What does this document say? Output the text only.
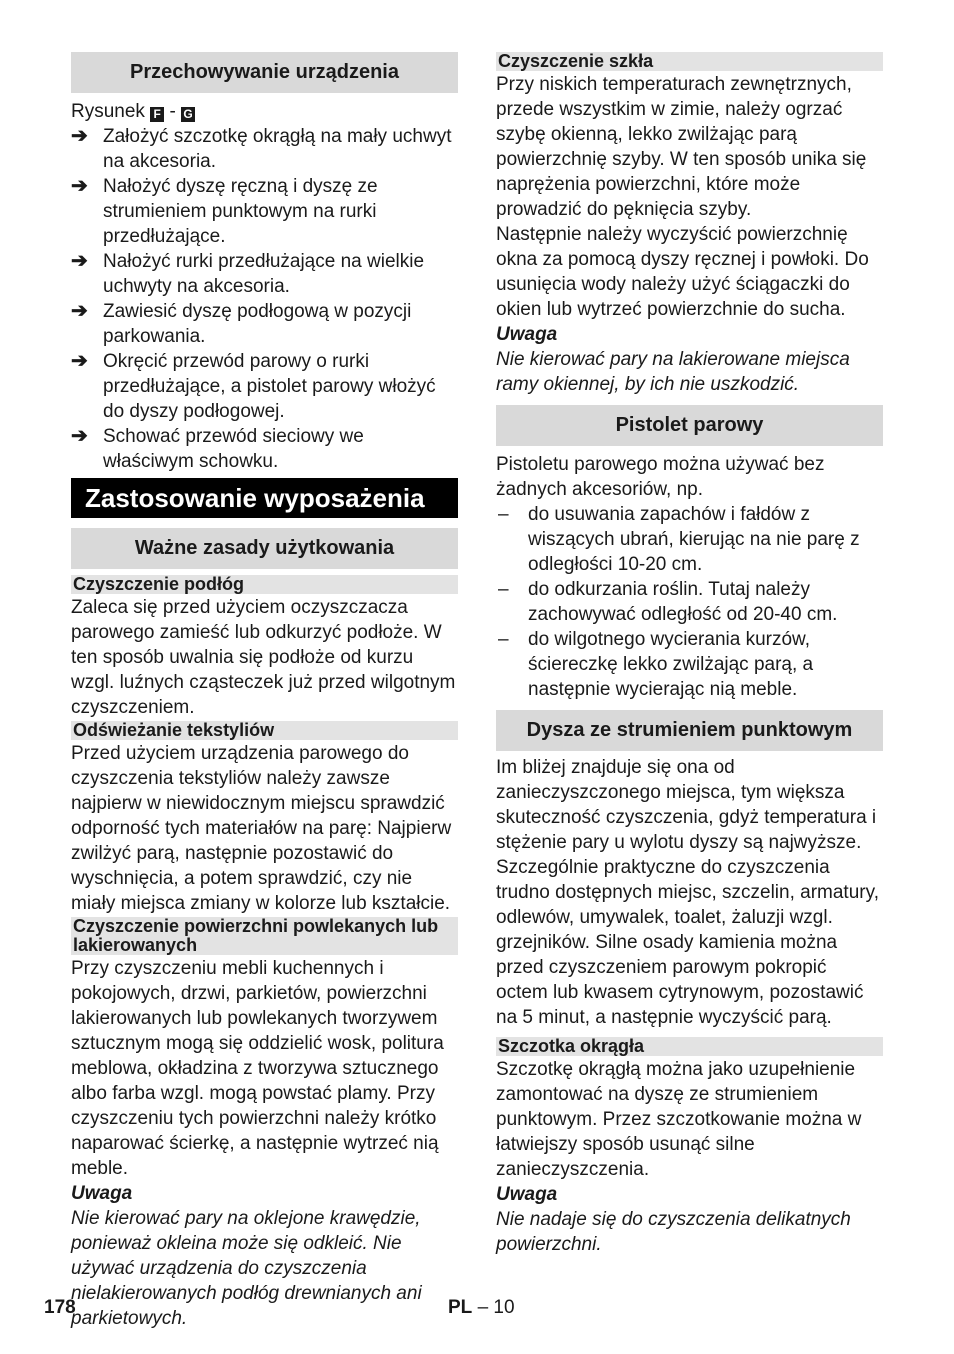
Przechowywanie urządzenia

Rysunek F - G

➔ Założyć szczotkę okrągłą na mały uchwyt na akcesoria.
➔ Nałożyć dyszę ręczną i dyszę ze strumieniem punktowym na rurki przedłużające.
➔ Nałożyć rurki przedłużające na wielkie uchwyty na akcesoria.
➔ Zawiesić dyszę podłogową w pozycji parkowania.
➔ Okręcić przewód parowy o rurki przedłużające, a pistolet parowy włożyć do dyszy podłogowej.
➔ Schować przewód sieciowy we właściwym schowku.
Zastosowanie wyposażenia
Ważne zasady użytkowania
Czyszczenie podłóg

Zaleca się przed użyciem oczyszczacza parowego zamieść lub odkurzyć podłoże. W ten sposób uwalnia się podłoże od kurzu wzgl. luźnych cząsteczek już przed wilgotnym czyszczeniem.

Odświeżanie tekstyliów

Przed użyciem urządzenia parowego do czyszczenia tekstyliów należy zawsze najpierw w niewidocznym miejscu sprawdzić odporność tych materiałów na parę: Najpierw zwilżyć parą, następnie pozostawić do wyschnięcia, a potem sprawdzić, czy nie miały miejsca zmiany w kolorze lub kształcie.

Czyszczenie powierzchni powlekanych lub lakierowanych

Przy czyszczeniu mebli kuchennych i pokojowych, drzwi, parkietów, powierzchni lakierowanych lub powlekanych tworzywem sztucznym mogą się oddzielić wosk, politura meblowa, okładzina z tworzywa sztucznego albo farba wzgl. mogą powstać plamy. Przy czyszczeniu tych powierzchni należy krótko naparować ścierkę, a następnie wytrzeć nią meble.

Uwaga
Nie kierować pary na oklejone krawędzie, ponieważ okleina może się odkleić. Nie używać urządzenia do czyszczenia nielakierowanych podłóg drewnianych ani parkietowych.
Czyszczenie szkła

Przy niskich temperaturach zewnętrznych, przede wszystkim w zimie, należy ogrzać szybę okienną, lekko zwilżając parą powierzchnię szyby. W ten sposób unika się naprężenia powierzchni, które może prowadzić do pęknięcia szyby.

Następnie należy wyczyścić powierzchnię okna za pomocą dyszy ręcznej i powłoki. Do usunięcia wody należy użyć ściągaczki do okien lub wytrzeć powierzchnie do sucha.

Uwaga
Nie kierować pary na lakierowane miejsca ramy okiennej, by ich nie uszkodzić.
Pistolet parowy

Pistoletu parowego można używać bez żadnych akcesoriów, np.

– do usuwania zapachów i fałdów z wiszących ubrań, kierując na nie parę z odległości 10-20 cm.
– do odkurzania roślin. Tutaj należy zachowywać odległość od 20-40 cm.
– do wilgotnego wycierania kurzów, ściereczkę lekko zwilżając parą, a następnie wycierając nią meble.
Dysza ze strumieniem punktowym

Im bliżej znajduje się ona od zanieczyszczonego miejsca, tym większa skuteczność czyszczenia, gdyż temperatura i stężenie pary u wylotu dyszy są najwyższe. Szczególnie praktyczne do czyszczenia trudno dostępnych miejsc, szczelin, armatury, odlewów, umywalek, toalet, żaluzji wzgl. grzejników. Silne osady kamienia można przed czyszczeniem parowym pokropić octem lub kwasem cytrynowym, pozostawić na 5 minut, a następnie wyczyścić parą.

Szczotka okrągła

Szczotkę okrągłą można jako uzupełnienie zamontować na dyszę ze strumieniem punktowym. Przez szczotkowanie można w łatwiejszy sposób usunąć silne zanieczyszczenia.

Uwaga
Nie nadaje się do czyszczenia delikatnych powierzchni.
178	PL – 10
